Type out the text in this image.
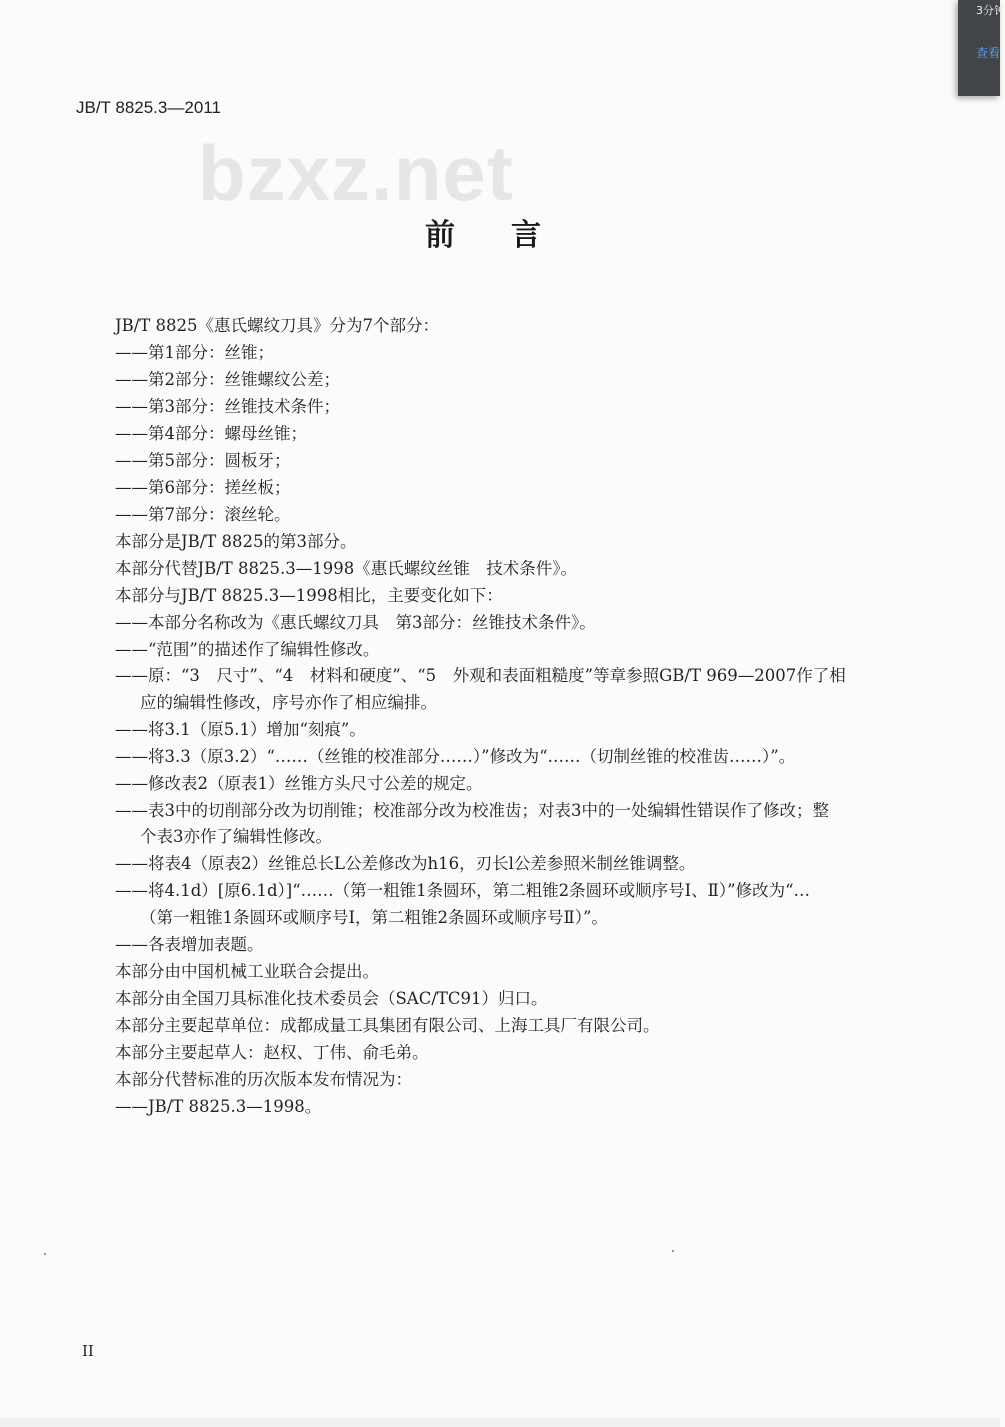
JB/T 8825.3—2011
bzxz.net
前言
JB/T 8825《惠氏螺纹刀具》分为7个部分：
——第1部分：丝锥；
——第2部分：丝锥螺纹公差；
——第3部分：丝锥技术条件；
——第4部分：螺母丝锥；
——第5部分：圆板牙；
——第6部分：搓丝板；
——第7部分：滚丝轮。
本部分是JB/T 8825的第3部分。
本部分代替JB/T 8825.3—1998《惠氏螺纹丝锥　技术条件》。
本部分与JB/T 8825.3—1998相比，主要变化如下：
——本部分名称改为《惠氏螺纹刀具　第3部分：丝锥技术条件》。
——“范围”的描述作了编辑性修改。
——原：“3　尺寸”、“4　材料和硬度”、“5　外观和表面粗糙度”等章参照GB/T 969—2007作了相
应的编辑性修改，序号亦作了相应编排。
——将3.1（原5.1）增加“刻痕”。
——将3.3（原3.2）“……（丝锥的校准部分……）”修改为“……（切制丝锥的校准齿……）”。
——修改表2（原表1）丝锥方头尺寸公差的规定。
——表3中的切削部分改为切削锥；校准部分改为校准齿；对表3中的一处编辑性错误作了修改；整
个表3亦作了编辑性修改。
——将表4（原表2）丝锥总长L公差修改为h16，刃长l公差参照米制丝锥调整。
——将4.1d）[原6.1d）]“……（第一粗锥1条圆环，第二粗锥2条圆环或顺序号Ⅰ、Ⅱ）”修改为“…
（第一粗锥1条圆环或顺序号Ⅰ，第二粗锥2条圆环或顺序号Ⅱ）”。
——各表增加表题。
本部分由中国机械工业联合会提出。
本部分由全国刀具标准化技术委员会（SAC/TC91）归口。
本部分主要起草单位：成都成量工具集团有限公司、上海工具厂有限公司。
本部分主要起草人：赵权、丁伟、俞毛弟。
本部分代替标准的历次版本发布情况为：
——JB/T 8825.3—1998。
II
3分钟
查看
